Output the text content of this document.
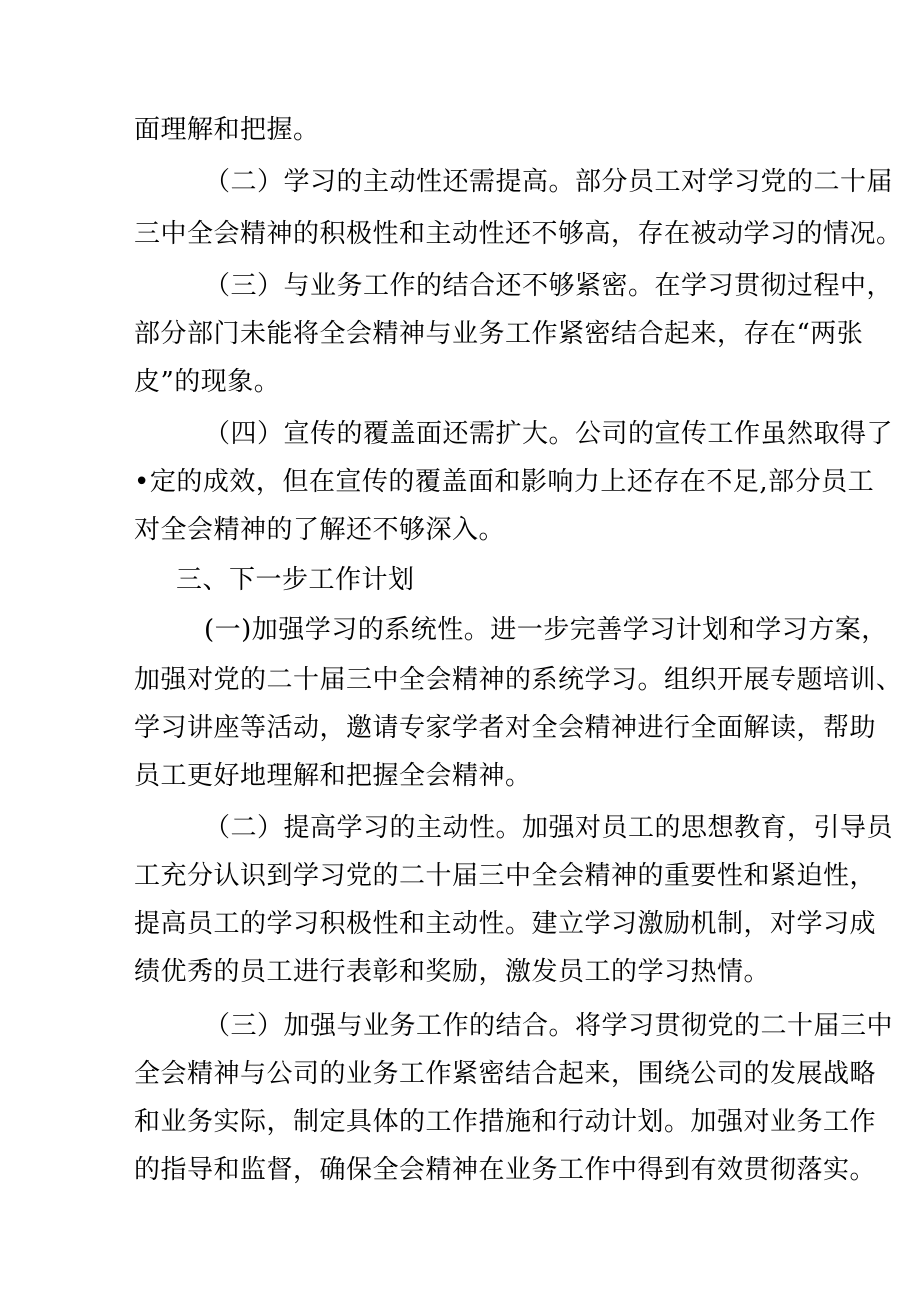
面理解和把握。
（二）学习的主动性还需提高。部分员工对学习党的二十届
三中全会精神的积极性和主动性还不够高，存在被动学习的情况。
（三）与业务工作的结合还不够紧密。在学习贯彻过程中，
部分部门未能将全会精神与业务工作紧密结合起来，存在“两张
皮”的现象。
（四）宣传的覆盖面还需扩大。公司的宣传工作虽然取得了
•定的成效，但在宣传的覆盖面和影响力上还存在不足,部分员工
对全会精神的了解还不够深入。
三、下一步工作计划
(一)加强学习的系统性。进一步完善学习计划和学习方案，
加强对党的二十届三中全会精神的系统学习。组织开展专题培训、
学习讲座等活动，邀请专家学者对全会精神进行全面解读，帮助
员工更好地理解和把握全会精神。
（二）提高学习的主动性。加强对员工的思想教育，引导员
工充分认识到学习党的二十届三中全会精神的重要性和紧迫性，
提高员工的学习积极性和主动性。建立学习激励机制，对学习成
绩优秀的员工进行表彰和奖励，激发员工的学习热情。
（三）加强与业务工作的结合。将学习贯彻党的二十届三中
全会精神与公司的业务工作紧密结合起来，围绕公司的发展战略
和业务实际，制定具体的工作措施和行动计划。加强对业务工作
的指导和监督，确保全会精神在业务工作中得到有效贯彻落实。
